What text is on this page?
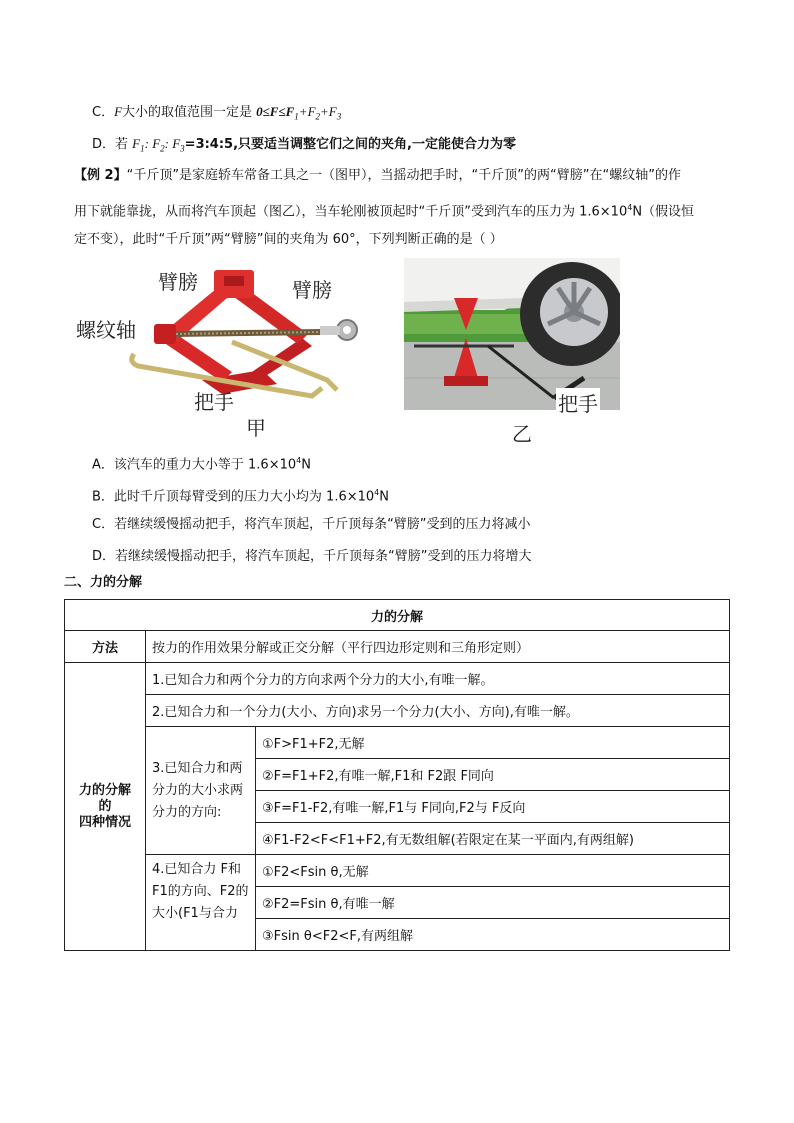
C．F大小的取值范围一定是 $0\le F\le F_1+F_2+F_3$
D．若 $F_1$: $F_2$: $F_3=3:4:5$,只要适当调整它们之间的夹角,一定能使合力为零
【例 2】“千斤顶”是家庭轿车常备工具之一（图甲），当摇动把手时，“千斤顶”的两“臂膀”在“螺纹轴”的作
用下就能靠拢，从而将汽车顶起（图乙），当车轮刚被顶起时“千斤顶”受到汽车的压力为 $1.6\times 10^4N$（假设恒
定不变），此时“千斤顶”两“臂膀”间的夹角为 60°，下列判断正确的是（ ）
臂膀	臂膀
螺纹轴
把手
甲
把手
乙
A．该汽车的重力大小等于 $1.6\times 10^4N$
B．此时千斤顶每臂受到的压力大小均为 $1.6\times 10^4N$
C．若继续缓慢摇动把手，将汽车顶起，千斤顶每条“臂膀”受到的压力将减小
D．若继续缓慢摇动把手，将汽车顶起，千斤顶每条“臂膀”受到的压力将增大
二、力的分解
力的分解		
方法	按力的作用效果分解或正交分解（平行四边形定则和三角形定则）	

力的分解
的
四种情况	1.已知合力和两个分力的方向求两个分力的大小,有唯一解。	
	2.已知合力和一个分力(大小、方向)求另一个分力(大小、方向),有唯一解。	
	3.已知合力和两分力的大小求两分力的方向:	①F>F1+F2,无解
		②F=F1+F2,有唯一解,F1和 F2跟 F同向
		③F=F1-F2,有唯一解,F1与 F同向,F2与 F反向
		④F1-F2<F<F1+F2,有无数组解(若限定在某一平面内,有两组解)
	4.已知合力 F和 F1的方向、F2的大小(F1与合力	①F2<Fsin θ,无解
		②F2=Fsin θ,有唯一解
		③Fsin θ<F2<F,有两组解
